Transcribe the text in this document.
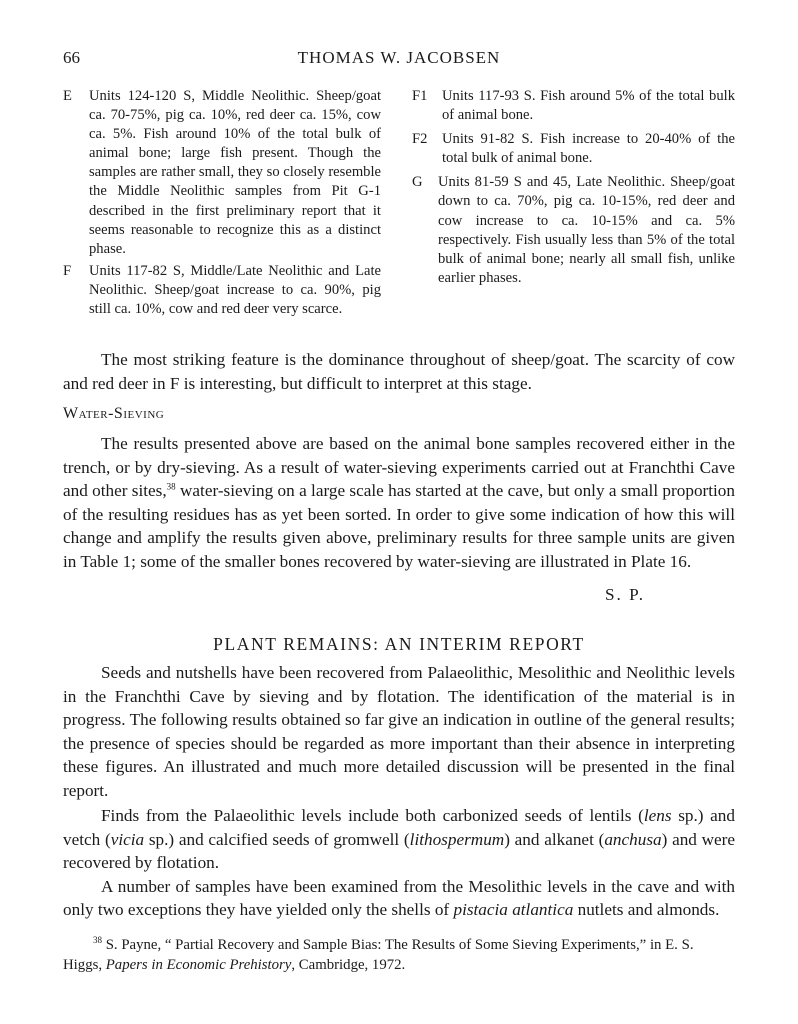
66	THOMAS W. JACOBSEN

E Units 124-120 S, Middle Neolithic. Sheep/goat ca. 70-75%, pig ca. 10%, red deer ca. 15%, cow ca. 5%. Fish around 10% of the total bulk of animal bone; large fish present. Though the samples are rather small, they so closely resemble the Middle Neolithic samples from Pit G-1 described in the first preliminary report that it seems reasonable to recognize this as a distinct phase.

F Units 117-82 S, Middle/Late Neolithic and Late Neolithic. Sheep/goat increase to ca. 90%, pig still ca. 10%, cow and red deer very scarce.

F1 Units 117-93 S. Fish around 5% of the total bulk of animal bone.

F2 Units 91-82 S. Fish increase to 20-40% of the total bulk of animal bone.

G Units 81-59 S and 45, Late Neolithic. Sheep/goat down to ca. 70%, pig ca. 10-15%, red deer and cow increase to ca. 10-15% and ca. 5% respectively. Fish usually less than 5% of the total bulk of animal bone; nearly all small fish, unlike earlier phases.

The most striking feature is the dominance throughout of sheep/goat. The scarcity of cow and red deer in F is interesting, but difficult to interpret at this stage.

Water-Sieving

The results presented above are based on the animal bone samples recovered either in the trench, or by dry-sieving. As a result of water-sieving experiments carried out at Franchthi Cave and other sites,$^{38}$ water-sieving on a large scale has started at the cave, but only a small proportion of the resulting residues has as yet been sorted. In order to give some indication of how this will change and amplify the results given above, preliminary results for three sample units are given in Table 1; some of the smaller bones recovered by water-sieving are illustrated in Plate 16.

S. P.
PLANT REMAINS: AN INTERIM REPORT

Seeds and nutshells have been recovered from Palaeolithic, Mesolithic and Neolithic levels in the Franchthi Cave by sieving and by flotation. The identification of the material is in progress. The following results obtained so far give an indication in outline of the general results; the presence of species should be regarded as more important than their absence in interpreting these figures. An illustrated and much more detailed discussion will be presented in the final report.

Finds from the Palaeolithic levels include both carbonized seeds of lentils (lens sp.) and vetch (vicia sp.) and calcified seeds of gromwell (lithospermum) and alkanet (anchusa) and were recovered by flotation.

A number of samples have been examined from the Mesolithic levels in the cave and with only two exceptions they have yielded only the shells of pistacia atlantica nutlets and almonds.

$^{38}$ S. Payne, “ Partial Recovery and Sample Bias: The Results of Some Sieving Experiments,” in E. S. Higgs, Papers in Economic Prehistory, Cambridge, 1972.
